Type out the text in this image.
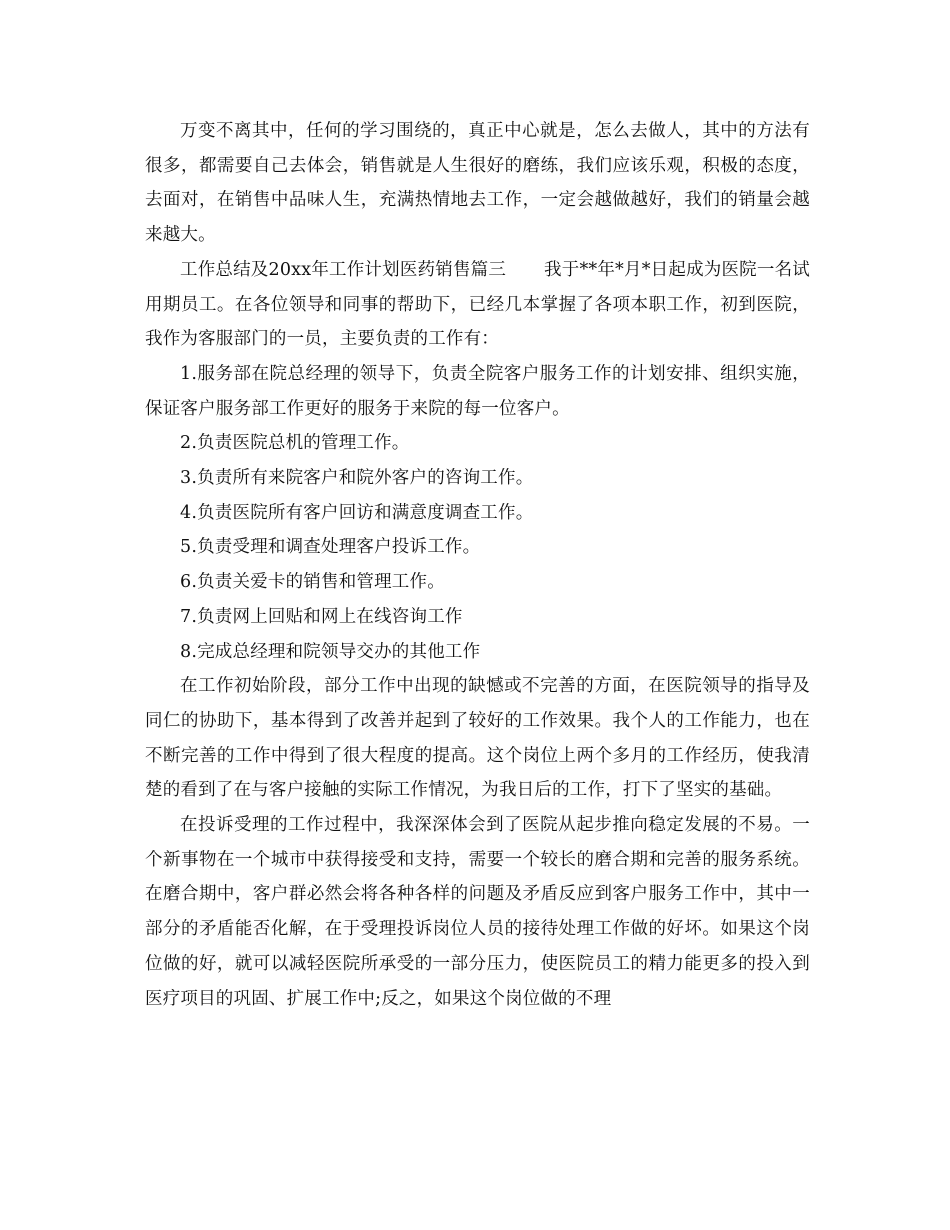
万变不离其中，任何的学习围绕的，真正中心就是，怎么去做人，其中的方法有很多，都需要自己去体会，销售就是人生很好的磨练，我们应该乐观，积极的态度，去面对，在销售中品味人生，充满热情地去工作，一定会越做越好，我们的销量会越来越大。

工作总结及20xx年工作计划医药销售篇三 我于**年*月*日起成为医院一名试用期员工。在各位领导和同事的帮助下，已经几本掌握了各项本职工作，初到医院，我作为客服部门的一员，主要负责的工作有：

1.服务部在院总经理的领导下，负责全院客户服务工作的计划安排、组织实施，保证客户服务部工作更好的服务于来院的每一位客户。

2.负责医院总机的管理工作。

3.负责所有来院客户和院外客户的咨询工作。

4.负责医院所有客户回访和满意度调查工作。

5.负责受理和调查处理客户投诉工作。

6.负责关爱卡的销售和管理工作。

7.负责网上回贴和网上在线咨询工作

8.完成总经理和院领导交办的其他工作

在工作初始阶段，部分工作中出现的缺憾或不完善的方面，在医院领导的指导及同仁的协助下，基本得到了改善并起到了较好的工作效果。我个人的工作能力，也在不断完善的工作中得到了很大程度的提高。这个岗位上两个多月的工作经历，使我清楚的看到了在与客户接触的实际工作情况，为我日后的工作，打下了坚实的基础。

在投诉受理的工作过程中，我深深体会到了医院从起步推向稳定发展的不易。一个新事物在一个城市中获得接受和支持，需要一个较长的磨合期和完善的服务系统。在磨合期中，客户群必然会将各种各样的问题及矛盾反应到客户服务工作中，其中一部分的矛盾能否化解，在于受理投诉岗位人员的接待处理工作做的好坏。如果这个岗位做的好，就可以减轻医院所承受的一部分压力，使医院员工的精力能更多的投入到医疗项目的巩固、扩展工作中;反之，如果这个岗位做的不理
